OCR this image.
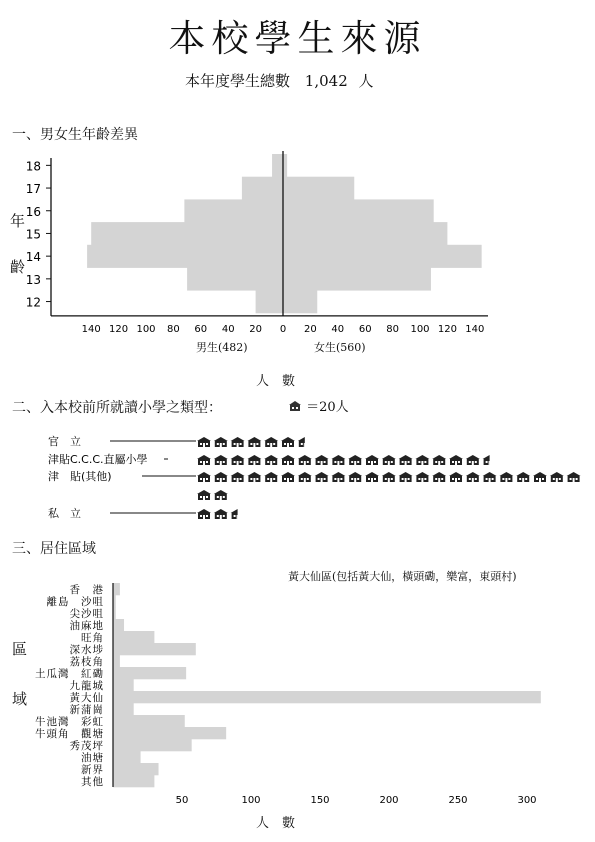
本校學生來源
本年度學生總數 1,042 人
一、男女生年齡差異
年
齡
18
17
16
15
14
13
12
140 120 100 80 60 40 20 0 20 40 60 80 100 120 140
男生(482)	女生(560)
人　數
二、入本校前所就讀小學之類型：	＝20人
官　立
津貼C.C.C.直屬小學
津　貼(其他)
私　立
三、居住區域
黃大仙區(包括黃大仙，橫頭磡，樂富，東頭村)
區
域
香　港
離島　沙咀
尖沙咀
油麻地
旺角
深水埗
荔枝角
土瓜灣　紅磡
九龍城
黃大仙
新蒲崗
牛池灣　彩虹
牛頭角　觀塘
秀茂坪
油塘
新界
其他
50	100	150	200	250	300
人　數
